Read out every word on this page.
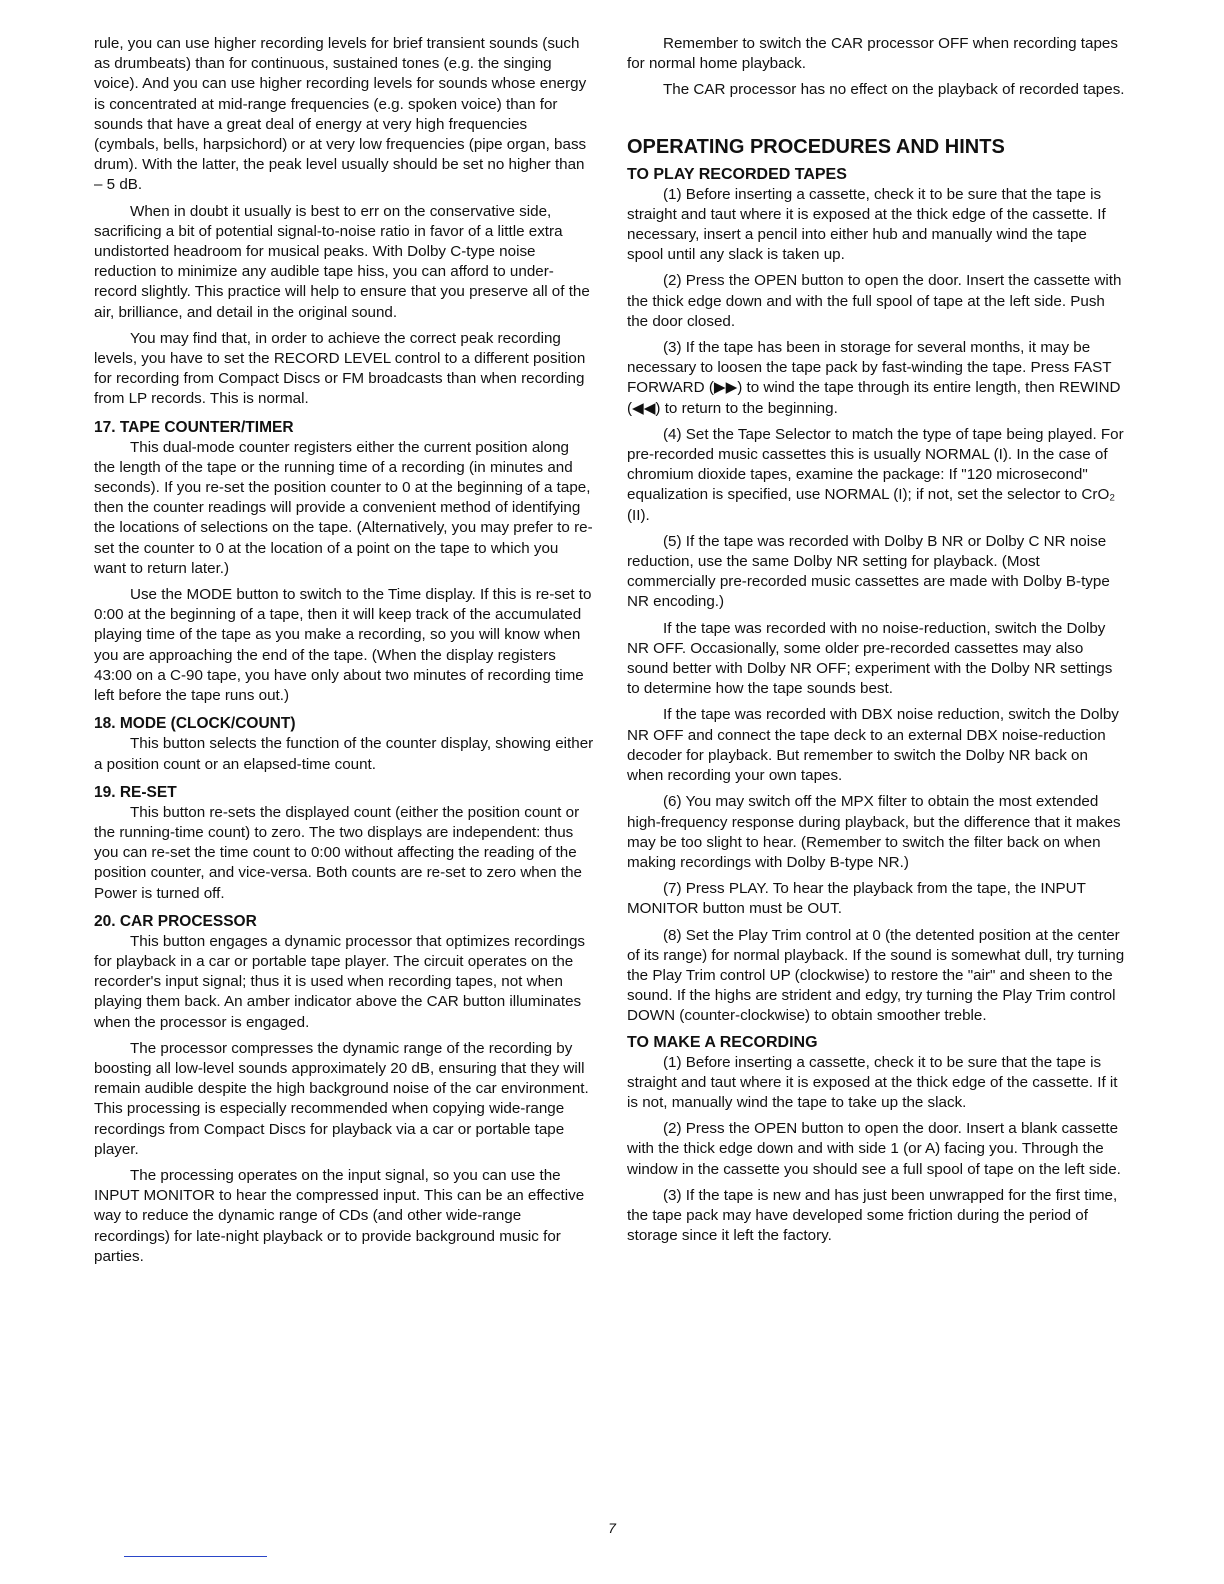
rule, you can use higher recording levels for brief transient sounds (such as drumbeats) than for continuous, sustained tones (e.g. the singing voice). And you can use higher recording levels for sounds whose energy is concentrated at mid-range frequencies (e.g. spoken voice) than for sounds that have a great deal of energy at very high frequencies (cymbals, bells, harpsichord) or at very low frequencies (pipe organ, bass drum). With the latter, the peak level usually should be set no higher than – 5 dB.

When in doubt it usually is best to err on the conservative side, sacrificing a bit of potential signal-to-noise ratio in favor of a little extra undistorted headroom for musical peaks. With Dolby C-type noise reduction to minimize any audible tape hiss, you can afford to under-record slightly. This practice will help to ensure that you preserve all of the air, brilliance, and detail in the original sound.

You may find that, in order to achieve the correct peak recording levels, you have to set the RECORD LEVEL control to a different position for recording from Compact Discs or FM broadcasts than when recording from LP records. This is normal.

17. TAPE COUNTER/TIMER

This dual-mode counter registers either the current position along the length of the tape or the running time of a recording (in minutes and seconds). If you re-set the position counter to 0 at the beginning of a tape, then the counter readings will provide a convenient method of identifying the locations of selections on the tape. (Alternatively, you may prefer to re-set the counter to 0 at the location of a point on the tape to which you want to return later.)

Use the MODE button to switch to the Time display. If this is re-set to 0:00 at the beginning of a tape, then it will keep track of the accumulated playing time of the tape as you make a recording, so you will know when you are approaching the end of the tape. (When the display registers 43:00 on a C-90 tape, you have only about two minutes of recording time left before the tape runs out.)

18. MODE (CLOCK/COUNT)

This button selects the function of the counter display, showing either a position count or an elapsed-time count.

19. RE-SET

This button re-sets the displayed count (either the position count or the running-time count) to zero. The two displays are independent: thus you can re-set the time count to 0:00 without affecting the reading of the position counter, and vice-versa. Both counts are re-set to zero when the Power is turned off.

20. CAR PROCESSOR

This button engages a dynamic processor that optimizes recordings for playback in a car or portable tape player. The circuit operates on the recorder's input signal; thus it is used when recording tapes, not when playing them back. An amber indicator above the CAR button illuminates when the processor is engaged.

The processor compresses the dynamic range of the recording by boosting all low-level sounds approximately 20 dB, ensuring that they will remain audible despite the high background noise of the car environment. This processing is especially recommended when copying wide-range recordings from Compact Discs for playback via a car or portable tape player.

The processing operates on the input signal, so you can use the INPUT MONITOR to hear the compressed input. This can be an effective way to reduce the dynamic range of CDs (and other wide-range recordings) for late-night playback or to provide background music for parties.

Remember to switch the CAR processor OFF when recording tapes for normal home playback.

The CAR processor has no effect on the playback of recorded tapes.

OPERATING PROCEDURES AND HINTS
TO PLAY RECORDED TAPES

(1) Before inserting a cassette, check it to be sure that the tape is straight and taut where it is exposed at the thick edge of the cassette. If necessary, insert a pencil into either hub and manually wind the tape spool until any slack is taken up.

(2) Press the OPEN button to open the door. Insert the cassette with the thick edge down and with the full spool of tape at the left side. Push the door closed.

(3) If the tape has been in storage for several months, it may be necessary to loosen the tape pack by fast-winding the tape. Press FAST FORWARD (▶▶) to wind the tape through its entire length, then REWIND (◀◀) to return to the beginning.

(4) Set the Tape Selector to match the type of tape being played. For pre-recorded music cassettes this is usually NORMAL (I). In the case of chromium dioxide tapes, examine the package: If "120 microsecond" equalization is specified, use NORMAL (I); if not, set the selector to CrO₂ (II).

(5) If the tape was recorded with Dolby B NR or Dolby C NR noise reduction, use the same Dolby NR setting for playback. (Most commercially pre-recorded music cassettes are made with Dolby B-type NR encoding.)

If the tape was recorded with no noise-reduction, switch the Dolby NR OFF. Occasionally, some older pre-recorded cassettes may also sound better with Dolby NR OFF; experiment with the Dolby NR settings to determine how the tape sounds best.

If the tape was recorded with DBX noise reduction, switch the Dolby NR OFF and connect the tape deck to an external DBX noise-reduction decoder for playback. But remember to switch the Dolby NR back on when recording your own tapes.

(6) You may switch off the MPX filter to obtain the most extended high-frequency response during playback, but the difference that it makes may be too slight to hear. (Remember to switch the filter back on when making recordings with Dolby B-type NR.)

(7) Press PLAY. To hear the playback from the tape, the INPUT MONITOR button must be OUT.

(8) Set the Play Trim control at 0 (the detented position at the center of its range) for normal playback. If the sound is somewhat dull, try turning the Play Trim control UP (clockwise) to restore the "air" and sheen to the sound. If the highs are strident and edgy, try turning the Play Trim control DOWN (counter-clockwise) to obtain smoother treble.

TO MAKE A RECORDING

(1) Before inserting a cassette, check it to be sure that the tape is straight and taut where it is exposed at the thick edge of the cassette. If it is not, manually wind the tape to take up the slack.

(2) Press the OPEN button to open the door. Insert a blank cassette with the thick edge down and with side 1 (or A) facing you. Through the window in the cassette you should see a full spool of tape on the left side.

(3) If the tape is new and has just been unwrapped for the first time, the tape pack may have developed some friction during the period of storage since it left the factory.

7
